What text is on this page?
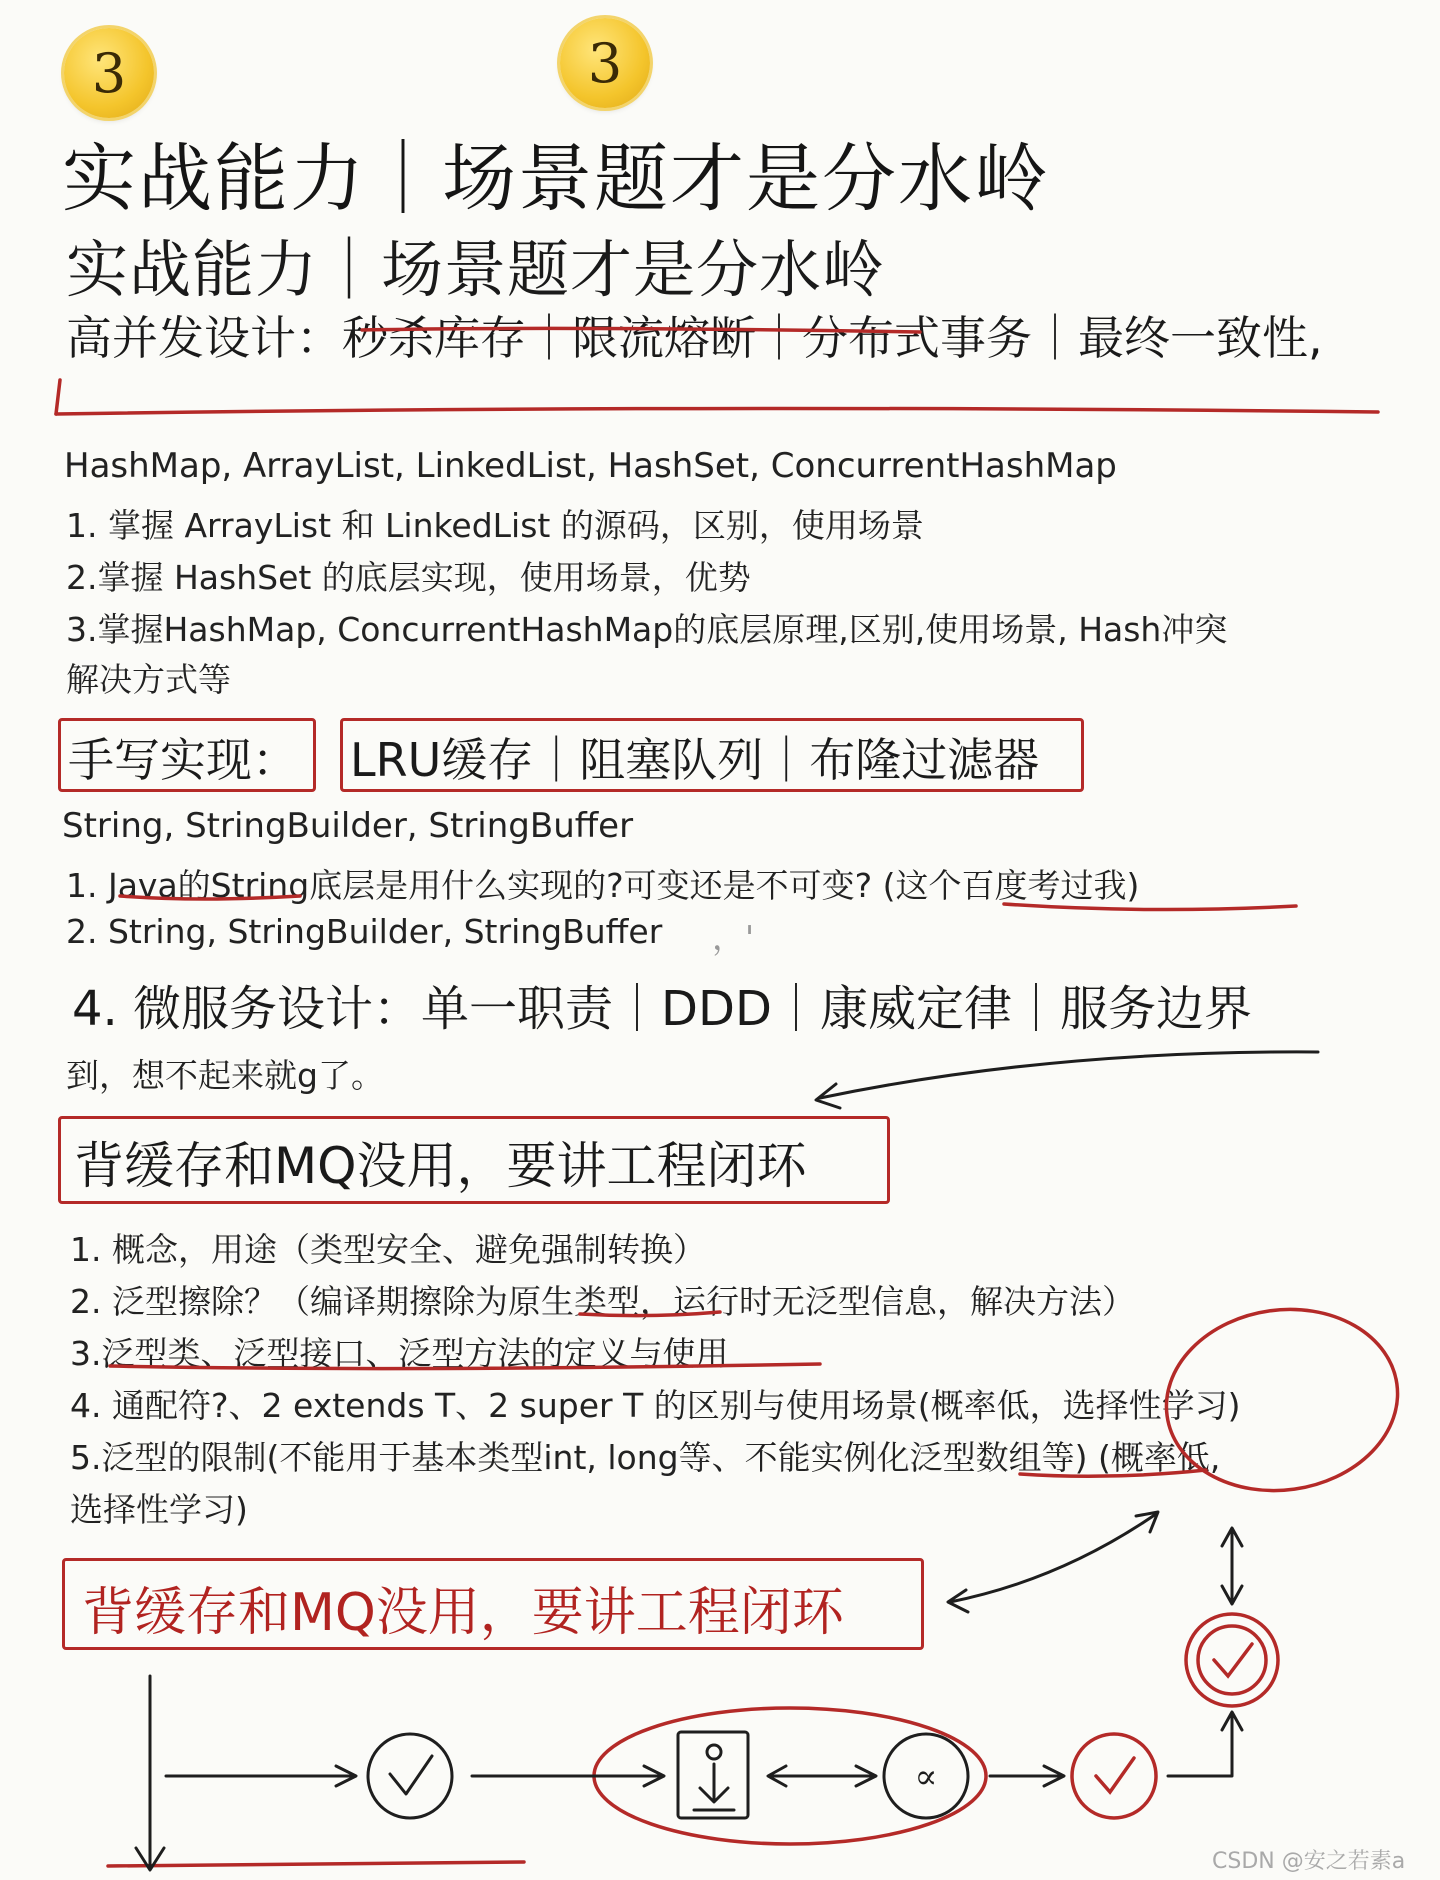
3	3
实战能力｜场景题才是分水岭
实战能力｜场景题才是分水岭
高并发设计：秒杀库存｜限流熔断｜分布式事务｜最终一致性,
HashMap, ArrayList, LinkedList, HashSet, ConcurrentHashMap
1. 掌握 ArrayList 和 LinkedList 的源码，区别，使用场景
2.掌握 HashSet 的底层实现，使用场景，优势
3.掌握HashMap, ConcurrentHashMap的底层原理,区别,使用场景, Hash冲突
解决方式等
手写实现： LRU缓存｜阻塞队列｜布隆过滤器
String, StringBuilder, StringBuffer
1. Java的String底层是用什么实现的?可变还是不可变? (这个百度考过我)
2. String, StringBuilder, StringBuffer ，'
4. 微服务设计：单一职责｜DDD｜康威定律｜服务边界
到，想不起来就g了。
背缓存和MQ没用，要讲工程闭环
1. 概念，用途（类型安全、避免强制转换）
2. 泛型擦除？（编译期擦除为原生类型，运行时无泛型信息，解决方法）
3.泛型类、泛型接口、泛型方法的定义与使用
4. 通配符?、2 extends T、2 super T 的区别与使用场景(概率低，选择性学习)
5.泛型的限制(不能用于基本类型int, long等、不能实例化泛型数组等) (概率低,
选择性学习)
背缓存和MQ没用，要讲工程闭环
∝
CSDN @安之若素a
